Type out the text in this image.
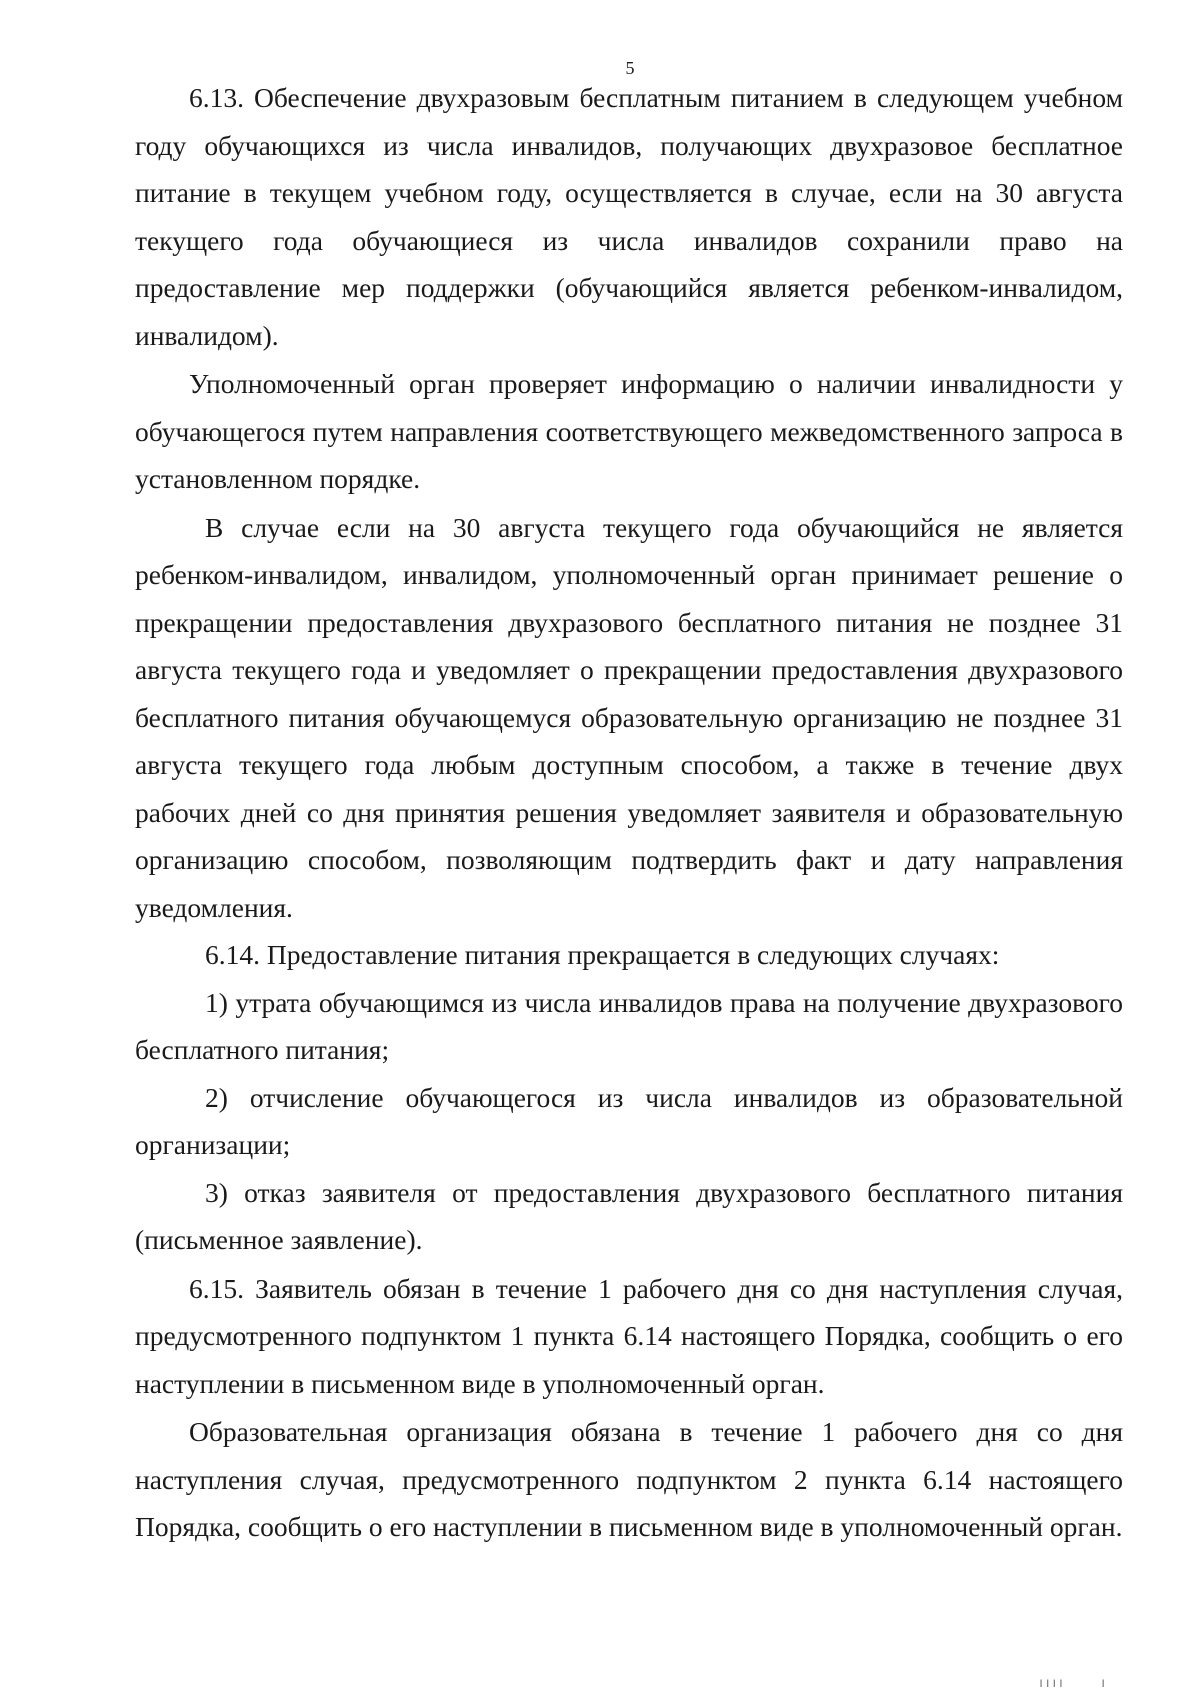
5

6.13. Обеспечение двухразовым бесплатным питанием в следующем учебном году обучающихся из числа инвалидов, получающих двухразовое бесплатное питание в текущем учебном году, осуществляется в случае, если на 30 августа текущего года обучающиеся из числа инвалидов сохранили право на предоставление мер поддержки (обучающийся является ребенком-инвалидом, инвалидом).

Уполномоченный орган проверяет информацию о наличии инвалидности у обучающегося путем направления соответствующего межведомственного запроса в установленном порядке.

В случае если на 30 августа текущего года обучающийся не является ребенком-инвалидом, инвалидом, уполномоченный орган принимает решение о прекращении предоставления двухразового бесплатного питания не позднее 31 августа текущего года и уведомляет о прекращении предоставления двухразового бесплатного питания обучающемуся образовательную организацию не позднее 31 августа текущего года любым доступным способом, а также в течение двух рабочих дней со дня принятия решения уведомляет заявителя и образовательную организацию способом, позволяющим подтвердить факт и дату направления уведомления.

6.14. Предоставление питания прекращается в следующих случаях:

1) утрата обучающимся из числа инвалидов права на получение двухразового бесплатного питания;

2) отчисление обучающегося из числа инвалидов из образовательной организации;

3) отказ заявителя от предоставления двухразового бесплатного питания (письменное заявление).

6.15. Заявитель обязан в течение 1 рабочего дня со дня наступления случая, предусмотренного подпунктом 1 пункта 6.14 настоящего Порядка, сообщить о его наступлении в письменном виде в уполномоченный орган.

Образовательная организация обязана в течение 1 рабочего дня со дня наступления случая, предусмотренного подпунктом 2 пункта 6.14 настоящего Порядка, сообщить о его наступлении в письменном виде в уполномоченный орган.

ıııı     ı
